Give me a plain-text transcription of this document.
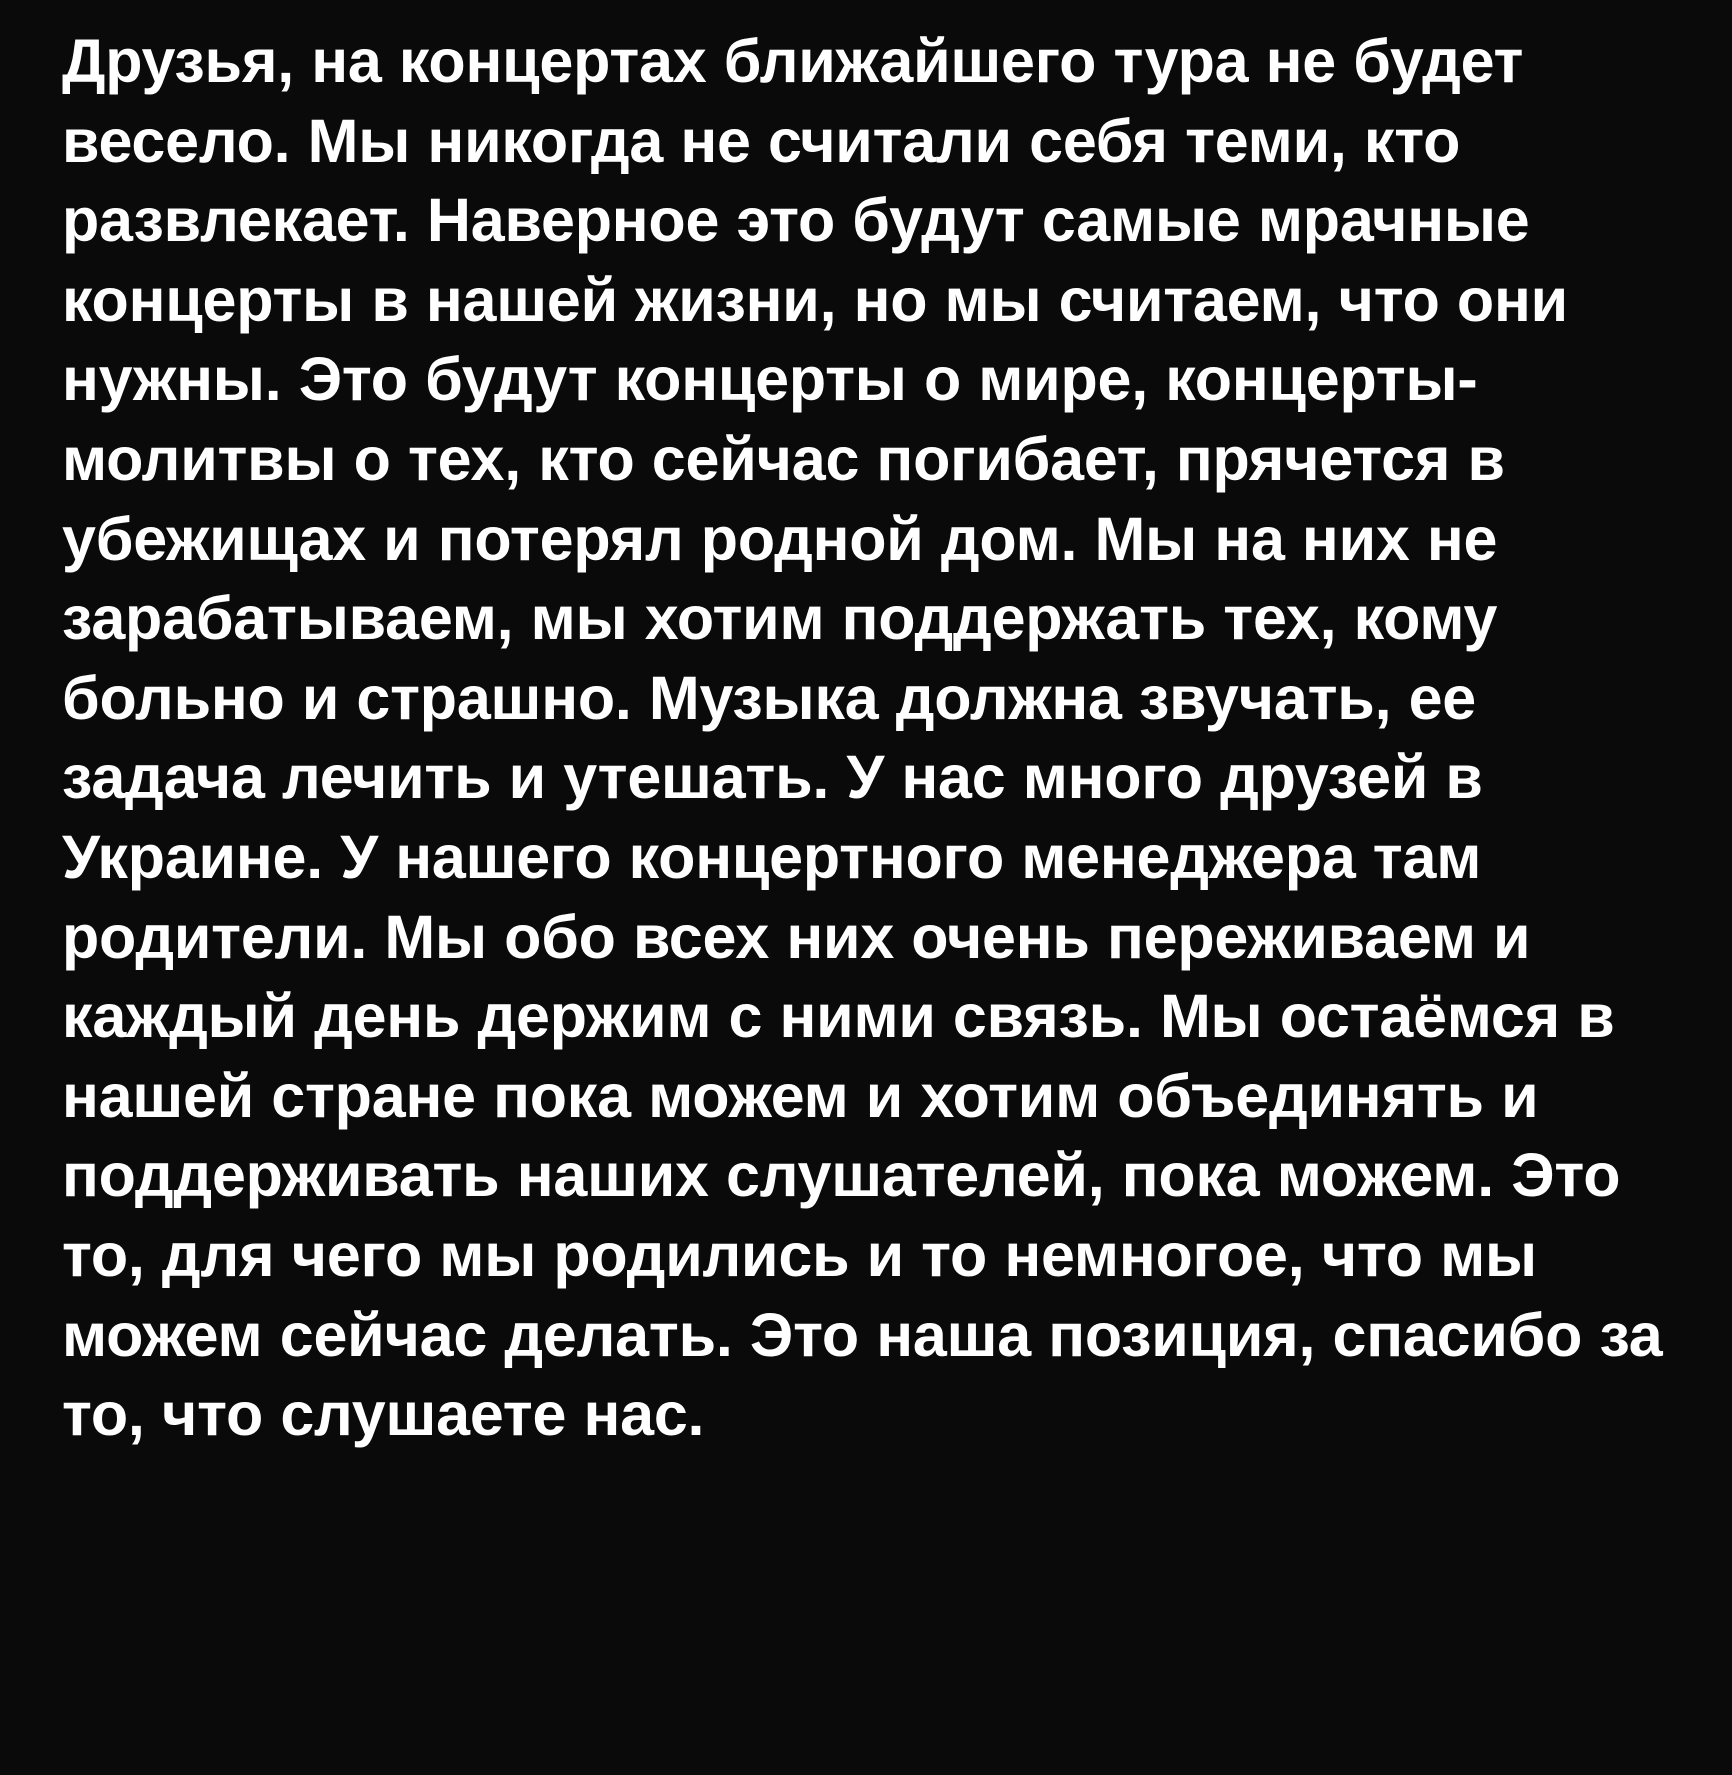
Друзья, на концертах ближайшего тура не будет весело. Мы никогда не считали себя теми, кто развлекает. Наверное это будут самые мрачные концерты в нашей жизни, но мы считаем, что они нужны. Это будут концерты о мире, концерты-молитвы о тех, кто сейчас погибает, прячется в убежищах и потерял родной дом. Мы на них не зарабатываем, мы хотим поддержать тех, кому больно и страшно. Музыка должна звучать, ее задача лечить и утешать. У нас много друзей в Украине. У нашего концертного менеджера там родители. Мы обо всех них очень переживаем и каждый день держим с ними связь. Мы остаёмся в нашей стране пока можем и хотим объединять и поддерживать наших слушателей, пока можем. Это то, для чего мы родились и то немногое, что мы можем сейчас делать. Это наша позиция, спасибо за то, что слушаете нас.
